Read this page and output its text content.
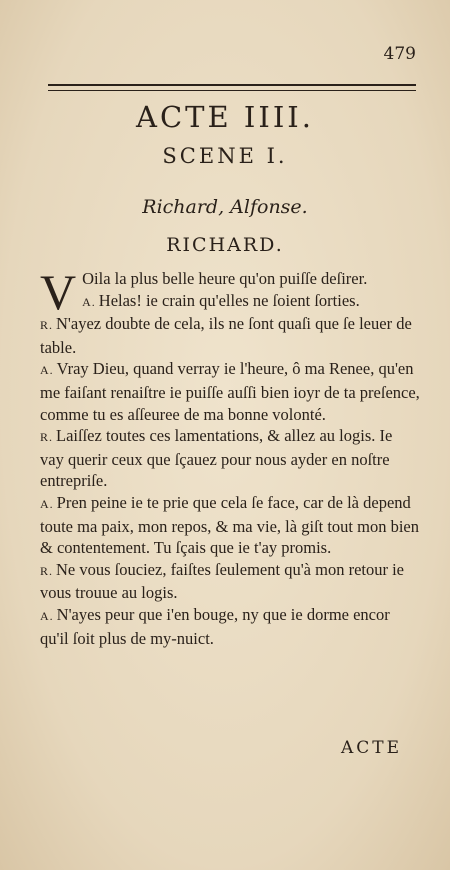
479
ACTE IIII.
SCENE I.
Richard, Alfonse.
RICHARD.

V Oila la plus belle heure qu'on puiſſe deſirer.

A. Helas! ie crain qu'elles ne ſoient ſorties.

R. N'ayez doubte de cela, ils ne ſont quaſi que ſe leuer de table.

A. Vray Dieu, quand verray ie l'heure, ô ma Renee, qu'en me faiſant renaiſtre ie puiſſe auſſi bien ioyr de ta preſence, comme tu es aſſeuree de ma bonne volonté.

R. Laiſſez toutes ces lamentations, & allez au logis. Ie vay querir ceux que ſçauez pour nous ayder en noſtre entrepriſe.

A. Pren peine ie te prie que cela ſe face, car de là depend toute ma paix, mon repos, & ma vie, là giſt tout mon bien & contentement. Tu ſçais que ie t'ay promis.

R. Ne vous ſouciez, faiſtes ſeulement qu'à mon retour ie vous trouue au logis.

A. N'ayes peur que i'en bouge, ny que ie dorme encor qu'il ſoit plus de my-nuict.

ACTE
